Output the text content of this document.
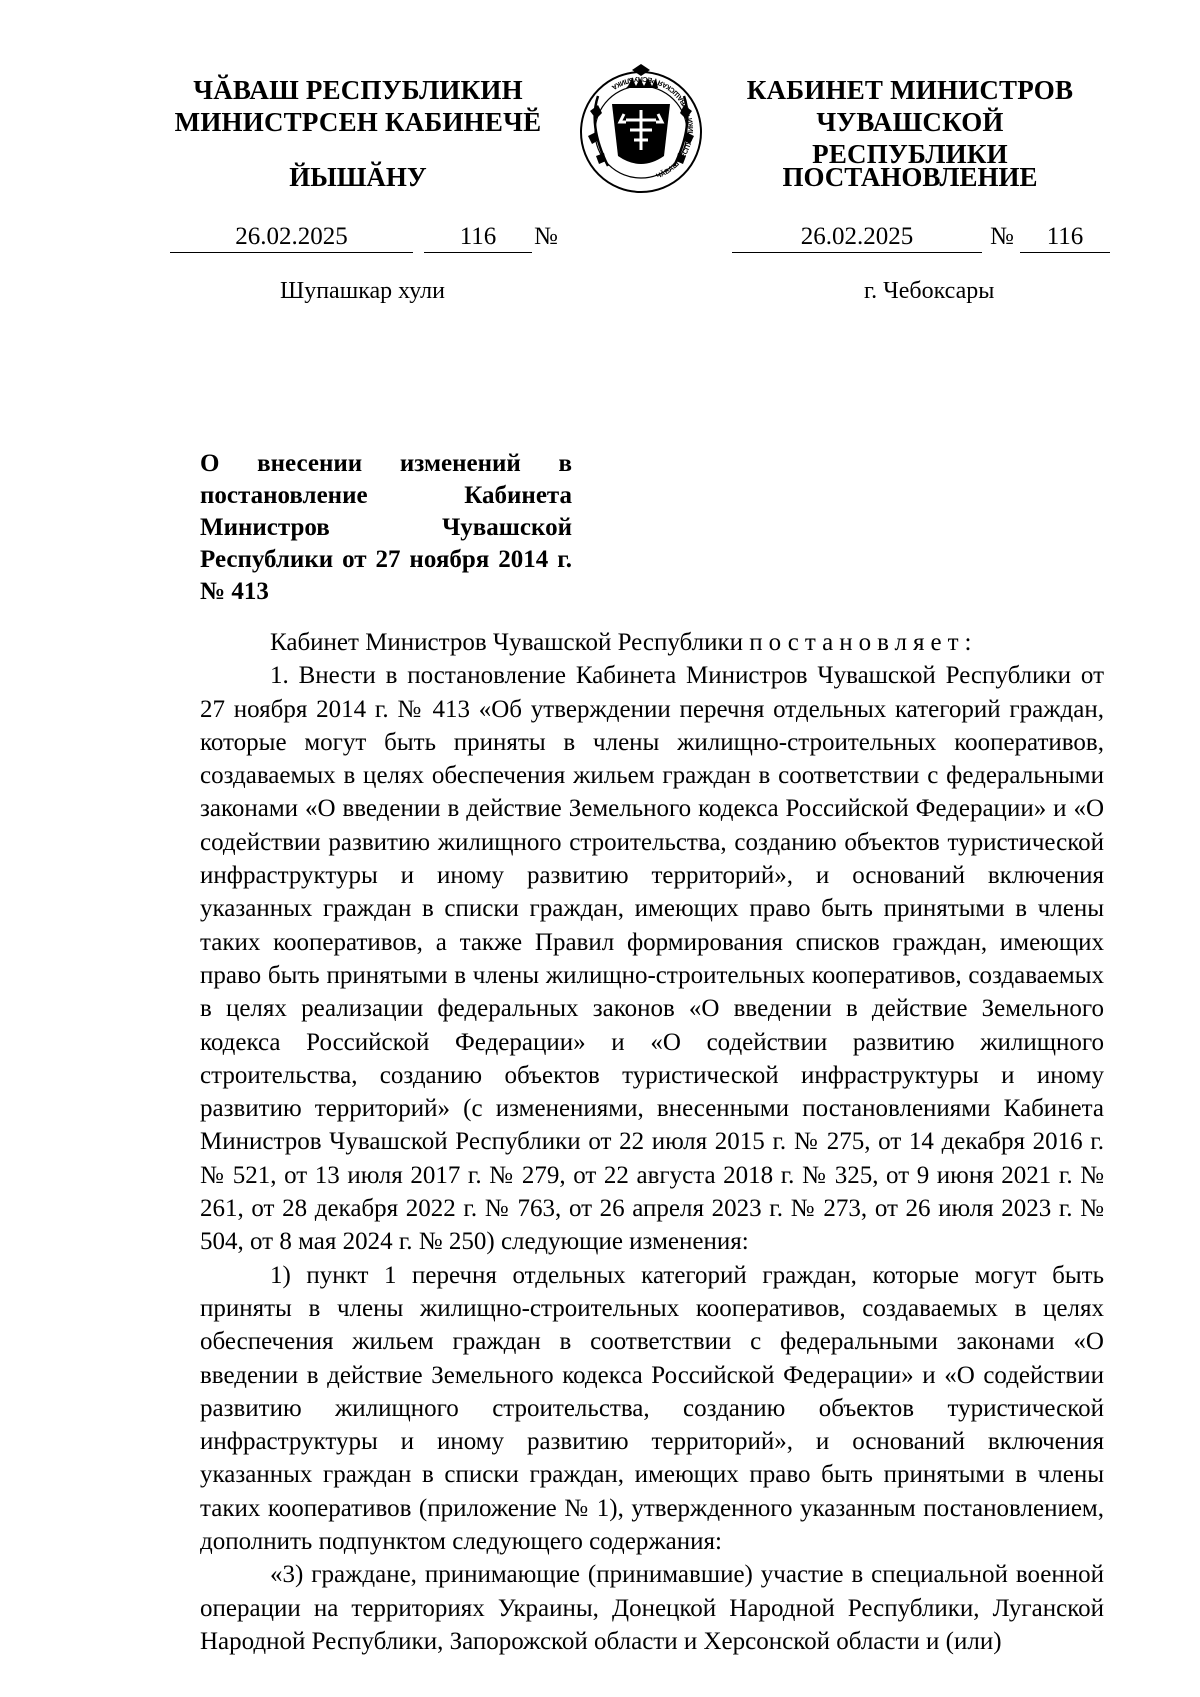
ЧӐВАШ РЕСПУБЛИКИН
МИНИСТРСЕН КАБИНЕЧӖ
ЙЫШӐНУ	ЧӐВАШ РЕСПУБЛИКИ • ЧУВАШСКАЯ РЕСПУБЛИКА	КАБИНЕТ МИНИСТРОВ
ЧУВАШСКОЙ РЕСПУБЛИКИ
ПОСТАНОВЛЕНИЕ
26.02.2025	116	№	26.02.2025	№	116
Шупашкар хули	г. Чебоксары
О внесении изменений в постановление Кабинета Министров Чувашской Республики от 27 ноября 2014 г. № 413

Кабинет Министров Чувашской Республики постановляет:

1. Внести в постановление Кабинета Министров Чувашской Республики от 27 ноября 2014 г. № 413 «Об утверждении перечня отдельных категорий граждан, которые могут быть приняты в члены жилищно-строительных кооперативов, создаваемых в целях обеспечения жильем граждан в соответствии с федеральными законами «О введении в действие Земельного кодекса Российской Федерации» и «О содействии развитию жилищного строительства, созданию объектов туристической инфраструктуры и иному развитию территорий», и оснований включения указанных граждан в списки граждан, имеющих право быть принятыми в члены таких кооперативов, а также Правил формирования списков граждан, имеющих право быть принятыми в члены жилищно-строительных кооперативов, создаваемых в целях реализации федеральных законов «О введении в действие Земельного кодекса Российской Федерации» и «О содействии развитию жилищного строительства, созданию объектов туристической инфраструктуры и иному развитию территорий» (с изменениями, внесенными постановлениями Кабинета Министров Чувашской Республики от 22 июля 2015 г. № 275, от 14 декабря 2016 г. № 521, от 13 июля 2017 г. № 279, от 22 августа 2018 г. № 325, от 9 июня 2021 г. № 261, от 28 декабря 2022 г. № 763, от 26 апреля 2023 г. № 273, от 26 июля 2023 г. № 504, от 8 мая 2024 г. № 250) следующие изменения:

1) пункт 1 перечня отдельных категорий граждан, которые могут быть приняты в члены жилищно-строительных кооперативов, создаваемых в целях обеспечения жильем граждан в соответствии с федеральными законами «О введении в действие Земельного кодекса Российской Федерации» и «О содействии развитию жилищного строительства, созданию объектов туристической инфраструктуры и иному развитию территорий», и оснований включения указанных граждан в списки граждан, имеющих право быть принятыми в члены таких кооперативов (приложение № 1), утвержденного указанным постановлением, дополнить подпунктом следующего содержания:

«3) граждане, принимающие (принимавшие) участие в специальной военной операции на территориях Украины, Донецкой Народной Республики, Луганской Народной Республики, Запорожской области и Херсонской области и (или)
